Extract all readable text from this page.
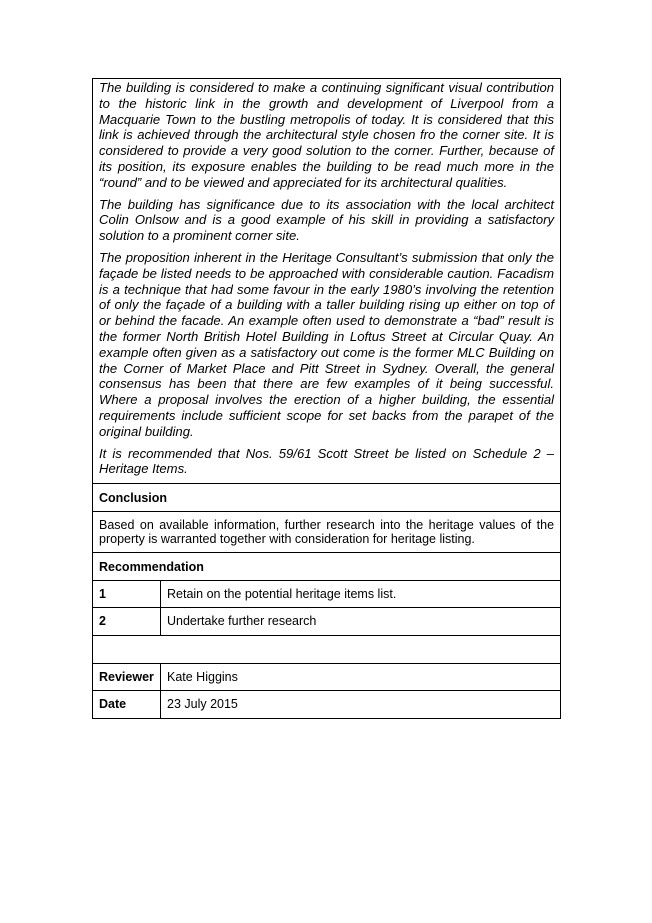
The building is considered to make a continuing significant visual contribution to the historic link in the growth and development of Liverpool from a Macquarie Town to the bustling metropolis of today. It is considered that this link is achieved through the architectural style chosen fro the corner site. It is considered to provide a very good solution to the corner. Further, because of its position, its exposure enables the building to be read much more in the “round” and to be viewed and appreciated for its architectural qualities.

The building has significance due to its association with the local architect Colin Onlsow and is a good example of his skill in providing a satisfactory solution to a prominent corner site.

The proposition inherent in the Heritage Consultant’s submission that only the façade be listed needs to be approached with considerable caution. Facadism is a technique that had some favour in the early 1980’s involving the retention of only the façade of a building with a taller building rising up either on top of or behind the facade. An example often used to demonstrate a “bad” result is the former North British Hotel Building in Loftus Street at Circular Quay. An example often given as a satisfactory out come is the former MLC Building on the Corner of Market Place and Pitt Street in Sydney. Overall, the general consensus has been that there are few examples of it being successful. Where a proposal involves the erection of a higher building, the essential requirements include sufficient scope for set backs from the parapet of the original building.

It is recommended that Nos. 59/61 Scott Street be listed on Schedule 2 – Heritage Items.	

Conclusion	
Based on available information, further research into the heritage values of the property is warranted together with consideration for heritage listing.	
Recommendation	
1	Retain on the potential heritage items list.
2	Undertake further research

Reviewer	Kate Higgins
Date	23 July 2015
